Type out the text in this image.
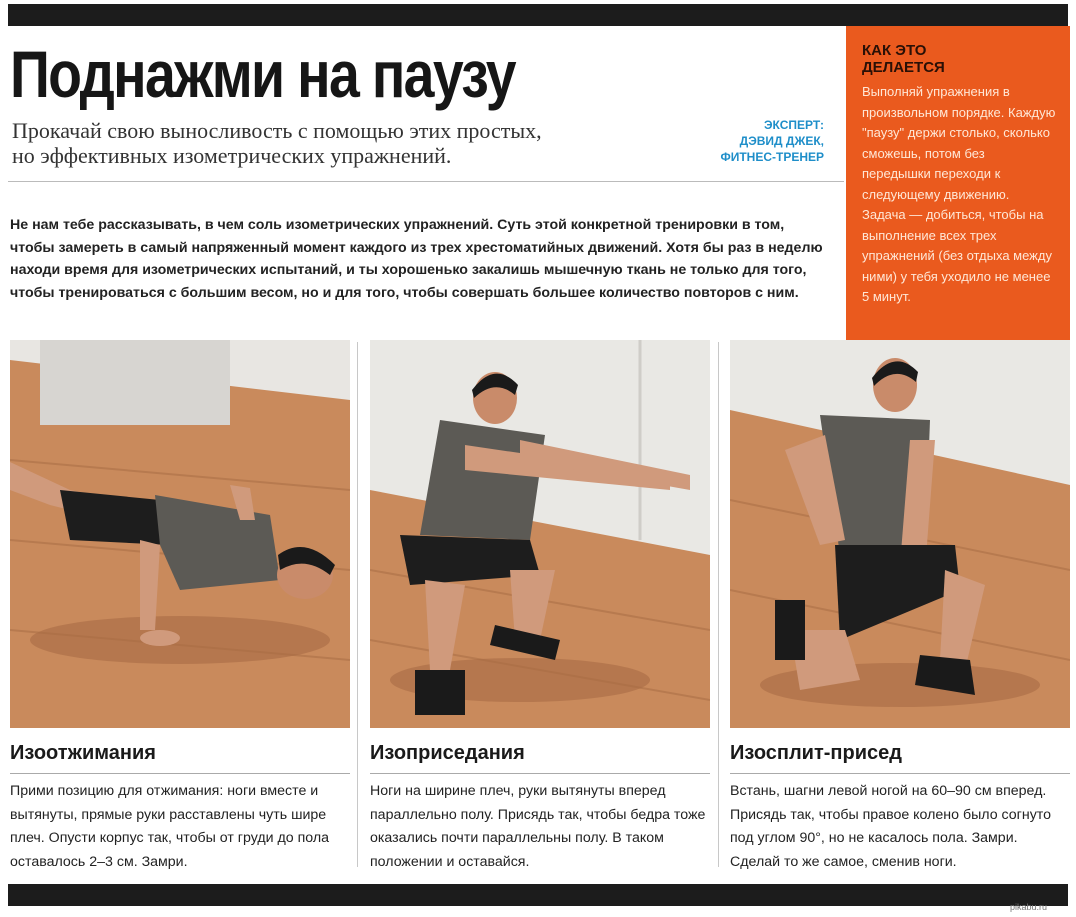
Поднажми на паузу
Прокачай свою выносливость с помощью этих простых,
но эффективных изометрических упражнений.
ЭКСПЕРТ:
ДЭВИД ДЖЕК,
ФИТНЕС-ТРЕНЕР
КАК ЭТО
ДЕЛАЕТСЯ
Выполняй упражнения в произвольном порядке. Каждую "паузу" держи столько, сколько сможешь, потом без передышки переходи к следующему движению. Задача — добиться, чтобы на выполнение всех трех упражнений (без отдыха между ними) у тебя уходило не менее 5 минут.
Не нам тебе рассказывать, в чем соль изометрических упражнений. Суть этой конкретной тренировки в том, чтобы замереть в самый напряженный момент каждого из трех хрестоматийных движений. Хотя бы раз в неделю находи время для изометрических испытаний, и ты хорошенько закалишь мышечную ткань не только для того, чтобы тренироваться с большим весом, но и для того, чтобы совершать большее количество повторов с ним.
Изоотжимания
Прими позицию для отжимания: ноги вместе и вытянуты, прямые руки расставлены чуть шире плеч. Опусти корпус так, чтобы от груди до пола оставалось 2–3 см. Замри.
Изоприседания
Ноги на ширине плеч, руки вытянуты вперед параллельно полу. Присядь так, чтобы бедра тоже оказались почти параллельны полу. В таком положении и оставайся.
Изосплит-присед
Встань, шагни левой ногой на 60–90 см вперед. Присядь так, чтобы правое колено было согнуто под углом 90°, но не касалось пола. Замри. Сделай то же самое, сменив ноги.
pikabu.ru
